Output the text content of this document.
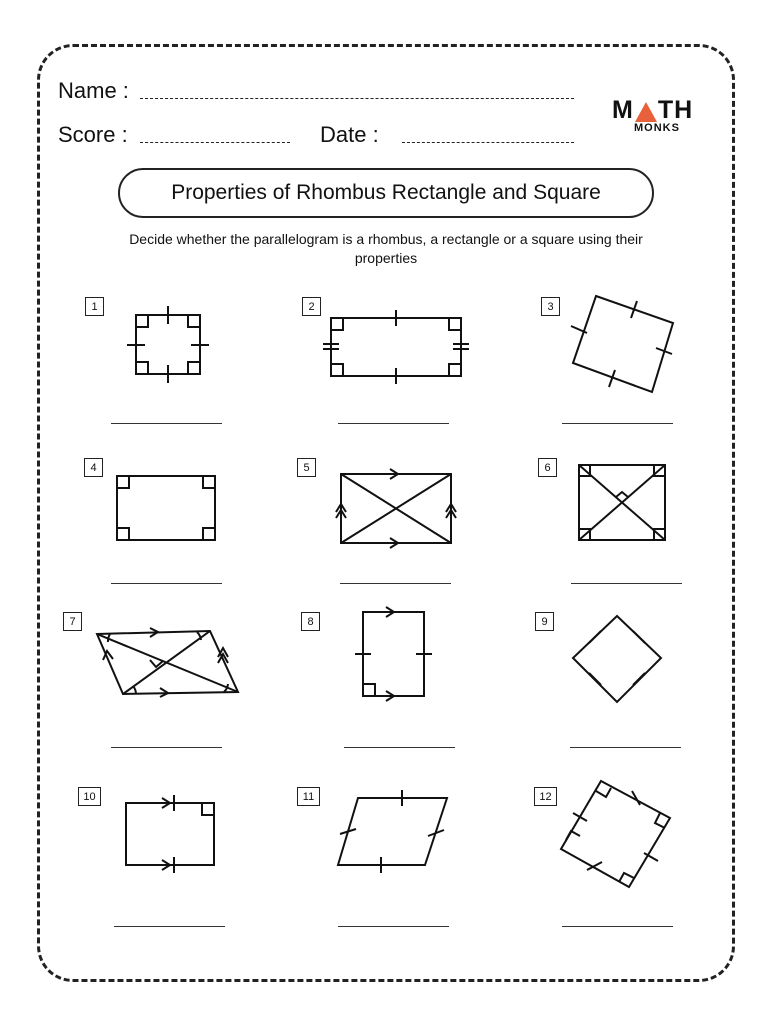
Name :
Score :	Date :
M TH
MONKS
Properties of Rhombus Rectangle and Square
Decide whether the parallelogram is a rhombus, a rectangle or a square using their properties
1	2	3
4	5	6
7	8	9
10	11	12
